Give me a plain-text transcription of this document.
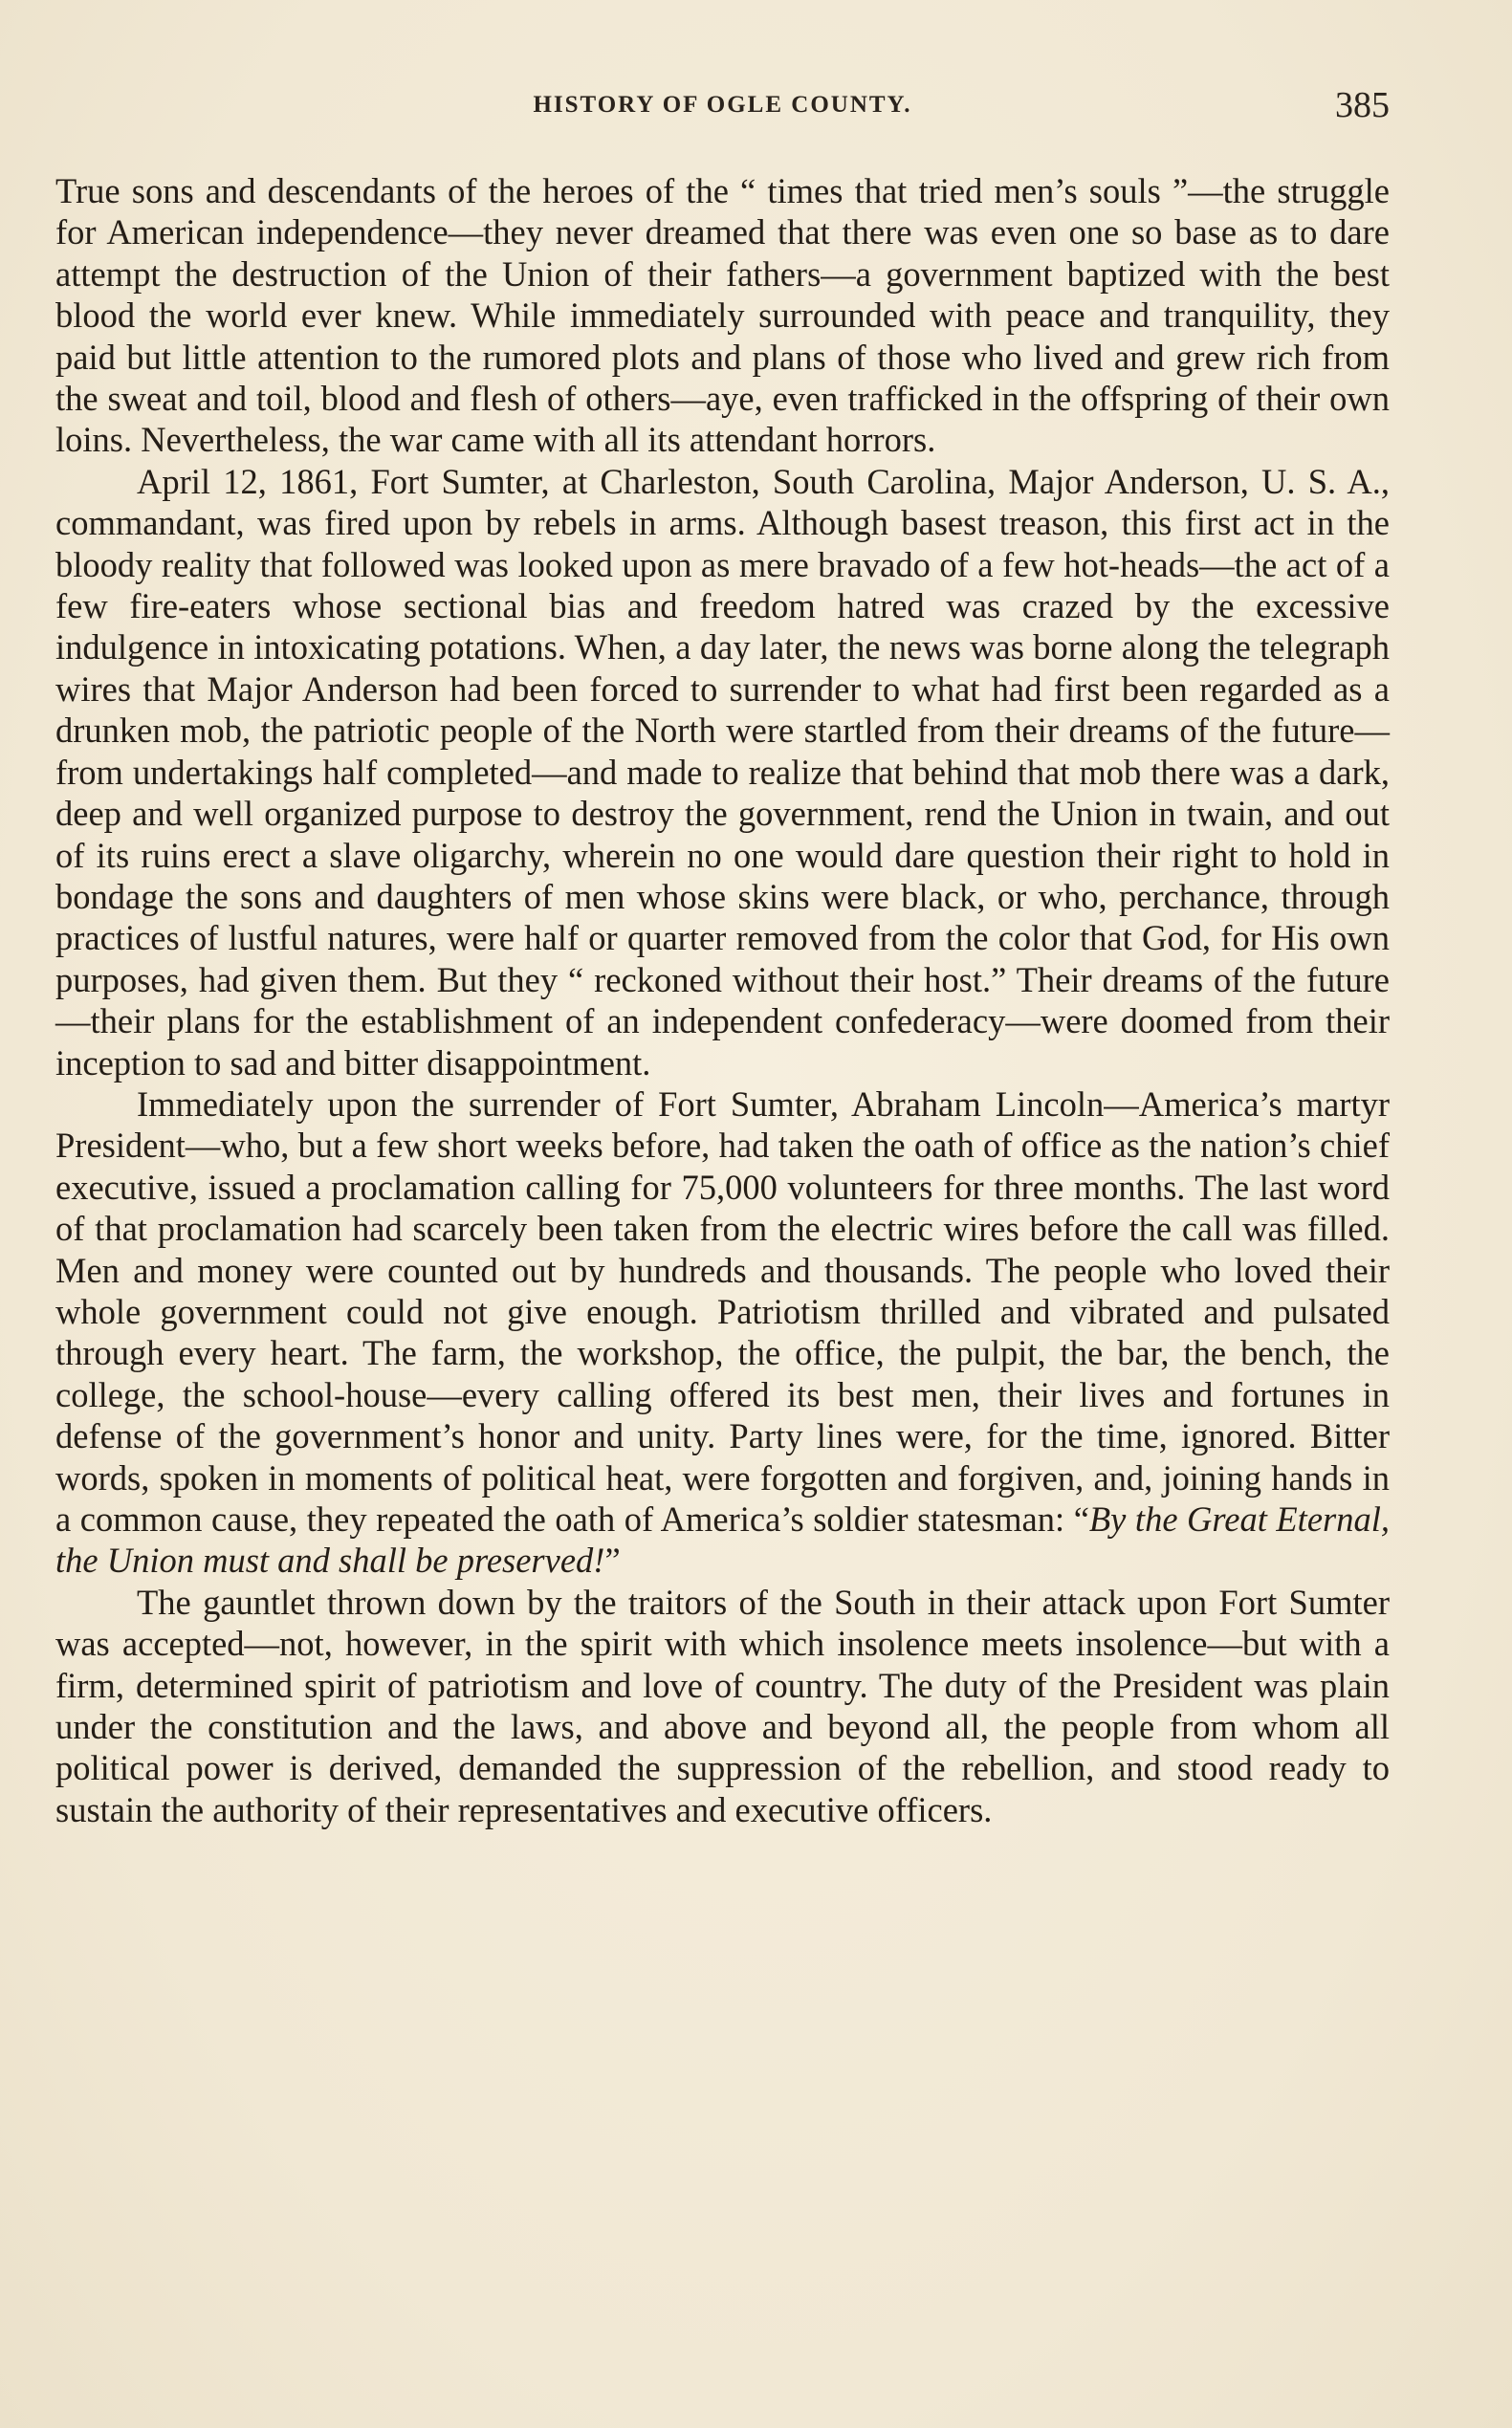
HISTORY OF OGLE COUNTY.	385

True sons and descendants of the heroes of the “ times that tried men’s souls ”—the struggle for American independence—they never dreamed that there was even one so base as to dare attempt the destruction of the Union of their fathers—a government baptized with the best blood the world ever knew. While immediately surrounded with peace and tranquility, they paid but little attention to the rumored plots and plans of those who lived and grew rich from the sweat and toil, blood and flesh of others—aye, even trafficked in the offspring of their own loins. Nevertheless, the war came with all its attendant horrors.

April 12, 1861, Fort Sumter, at Charleston, South Carolina, Major Anderson, U. S. A., commandant, was fired upon by rebels in arms. Although basest treason, this first act in the bloody reality that followed was looked upon as mere bravado of a few hot-heads—the act of a few fire-eaters whose sectional bias and freedom hatred was crazed by the excessive indulgence in intoxicating potations. When, a day later, the news was borne along the telegraph wires that Major Anderson had been forced to surrender to what had first been regarded as a drunken mob, the patriotic people of the North were startled from their dreams of the future—from undertakings half completed—and made to realize that behind that mob there was a dark, deep and well organized purpose to destroy the government, rend the Union in twain, and out of its ruins erect a slave oligarchy, wherein no one would dare question their right to hold in bondage the sons and daughters of men whose skins were black, or who, perchance, through practices of lustful natures, were half or quarter removed from the color that God, for His own purposes, had given them. But they “ reckoned without their host.” Their dreams of the future—their plans for the establishment of an independent confederacy—were doomed from their inception to sad and bitter disappointment.

Immediately upon the surrender of Fort Sumter, Abraham Lincoln—America’s martyr President—who, but a few short weeks before, had taken the oath of office as the nation’s chief executive, issued a proclamation calling for 75,000 volunteers for three months. The last word of that proclamation had scarcely been taken from the electric wires before the call was filled. Men and money were counted out by hundreds and thousands. The people who loved their whole government could not give enough. Patriotism thrilled and vibrated and pulsated through every heart. The farm, the workshop, the office, the pulpit, the bar, the bench, the college, the school-house—every calling offered its best men, their lives and fortunes in defense of the government’s honor and unity. Party lines were, for the time, ignored. Bitter words, spoken in moments of political heat, were forgotten and forgiven, and, joining hands in a common cause, they repeated the oath of America’s soldier statesman: “By the Great Eternal, the Union must and shall be preserved!”

The gauntlet thrown down by the traitors of the South in their attack upon Fort Sumter was accepted—not, however, in the spirit with which insolence meets insolence—but with a firm, determined spirit of patriotism and love of country. The duty of the President was plain under the constitution and the laws, and above and beyond all, the people from whom all political power is derived, demanded the suppression of the rebellion, and stood ready to sustain the authority of their representatives and executive officers.
